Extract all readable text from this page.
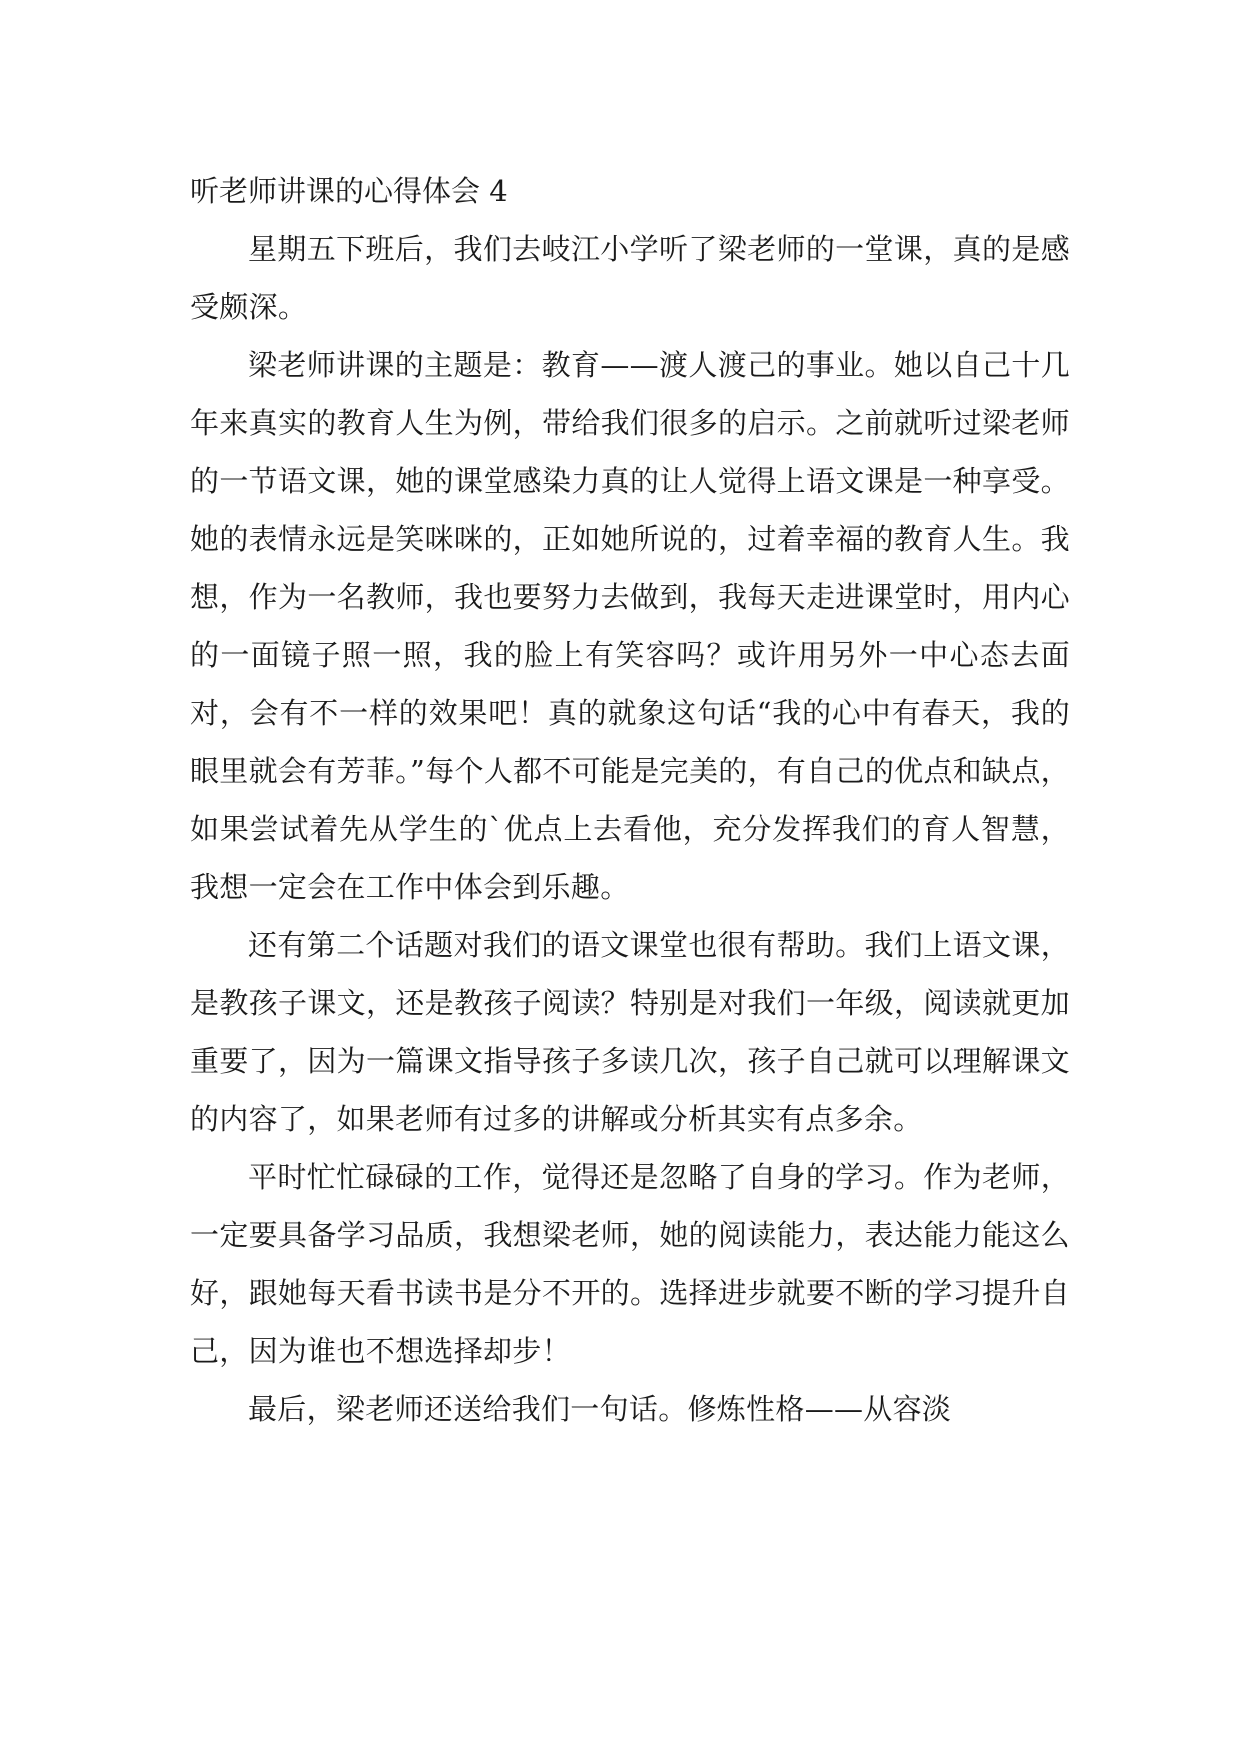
听老师讲课的心得体会 4

星期五下班后，我们去岐江小学听了梁老师的一堂课，真的是感受颇深。

梁老师讲课的主题是：教育——渡人渡己的事业。她以自己十几年来真实的教育人生为例，带给我们很多的启示。之前就听过梁老师的一节语文课，她的课堂感染力真的让人觉得上语文课是一种享受。她的表情永远是笑咪咪的，正如她所说的，过着幸福的教育人生。我想，作为一名教师，我也要努力去做到，我每天走进课堂时，用内心的一面镜子照一照，我的脸上有笑容吗？或许用另外一中心态去面对，会有不一样的效果吧！真的就象这句话“我的心中有春天，我的眼里就会有芳菲。”每个人都不可能是完美的，有自己的优点和缺点，如果尝试着先从学生的`优点上去看他，充分发挥我们的育人智慧，我想一定会在工作中体会到乐趣。

还有第二个话题对我们的语文课堂也很有帮助。我们上语文课，是教孩子课文，还是教孩子阅读？特别是对我们一年级，阅读就更加重要了，因为一篇课文指导孩子多读几次，孩子自己就可以理解课文的内容了，如果老师有过多的讲解或分析其实有点多余。

平时忙忙碌碌的工作，觉得还是忽略了自身的学习。作为老师，一定要具备学习品质，我想梁老师，她的阅读能力，表达能力能这么好，跟她每天看书读书是分不开的。选择进步就要不断的学习提升自己，因为谁也不想选择却步！

最后，梁老师还送给我们一句话。修炼性格——从容淡
